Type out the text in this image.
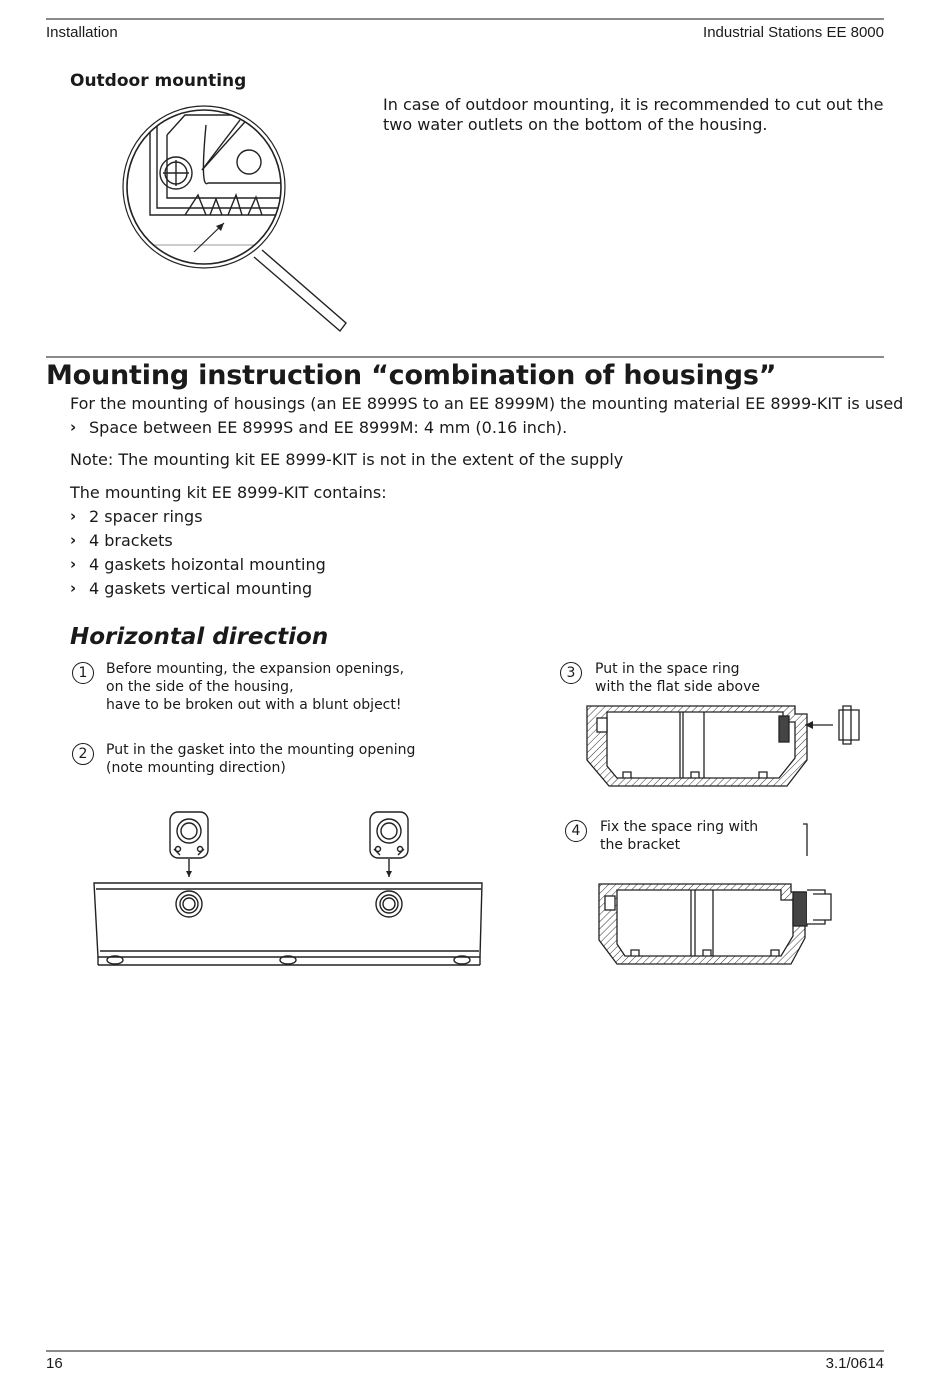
Installation	Industrial Stations EE 8000
Outdoor mounting
In case of outdoor mounting, it is recommended to cut out the
two water outlets on the bottom of the housing.
Mounting instruction “combination of housings”
For the mounting of housings (an EE 8999S to an EE 8999M) the mounting material EE 8999-KIT is used
› Space between EE 8999S and EE 8999M: 4 mm (0.16 inch).
Note: The mounting kit EE 8999-KIT is not in the extent of the supply
The mounting kit EE 8999-KIT contains:
› 2 spacer rings
› 4 brackets
› 4 gaskets hoizontal mounting
› 4 gaskets vertical mounting
Horizontal direction
1	Before mounting, the expansion openings,
on the side of the housing,
have to be broken out with a blunt object!
2	Put in the gasket into the mounting opening
(note mounting direction)
3	Put in the space ring
with the flat side above
4	Fix the space ring with
the bracket
16	3.1/0614
